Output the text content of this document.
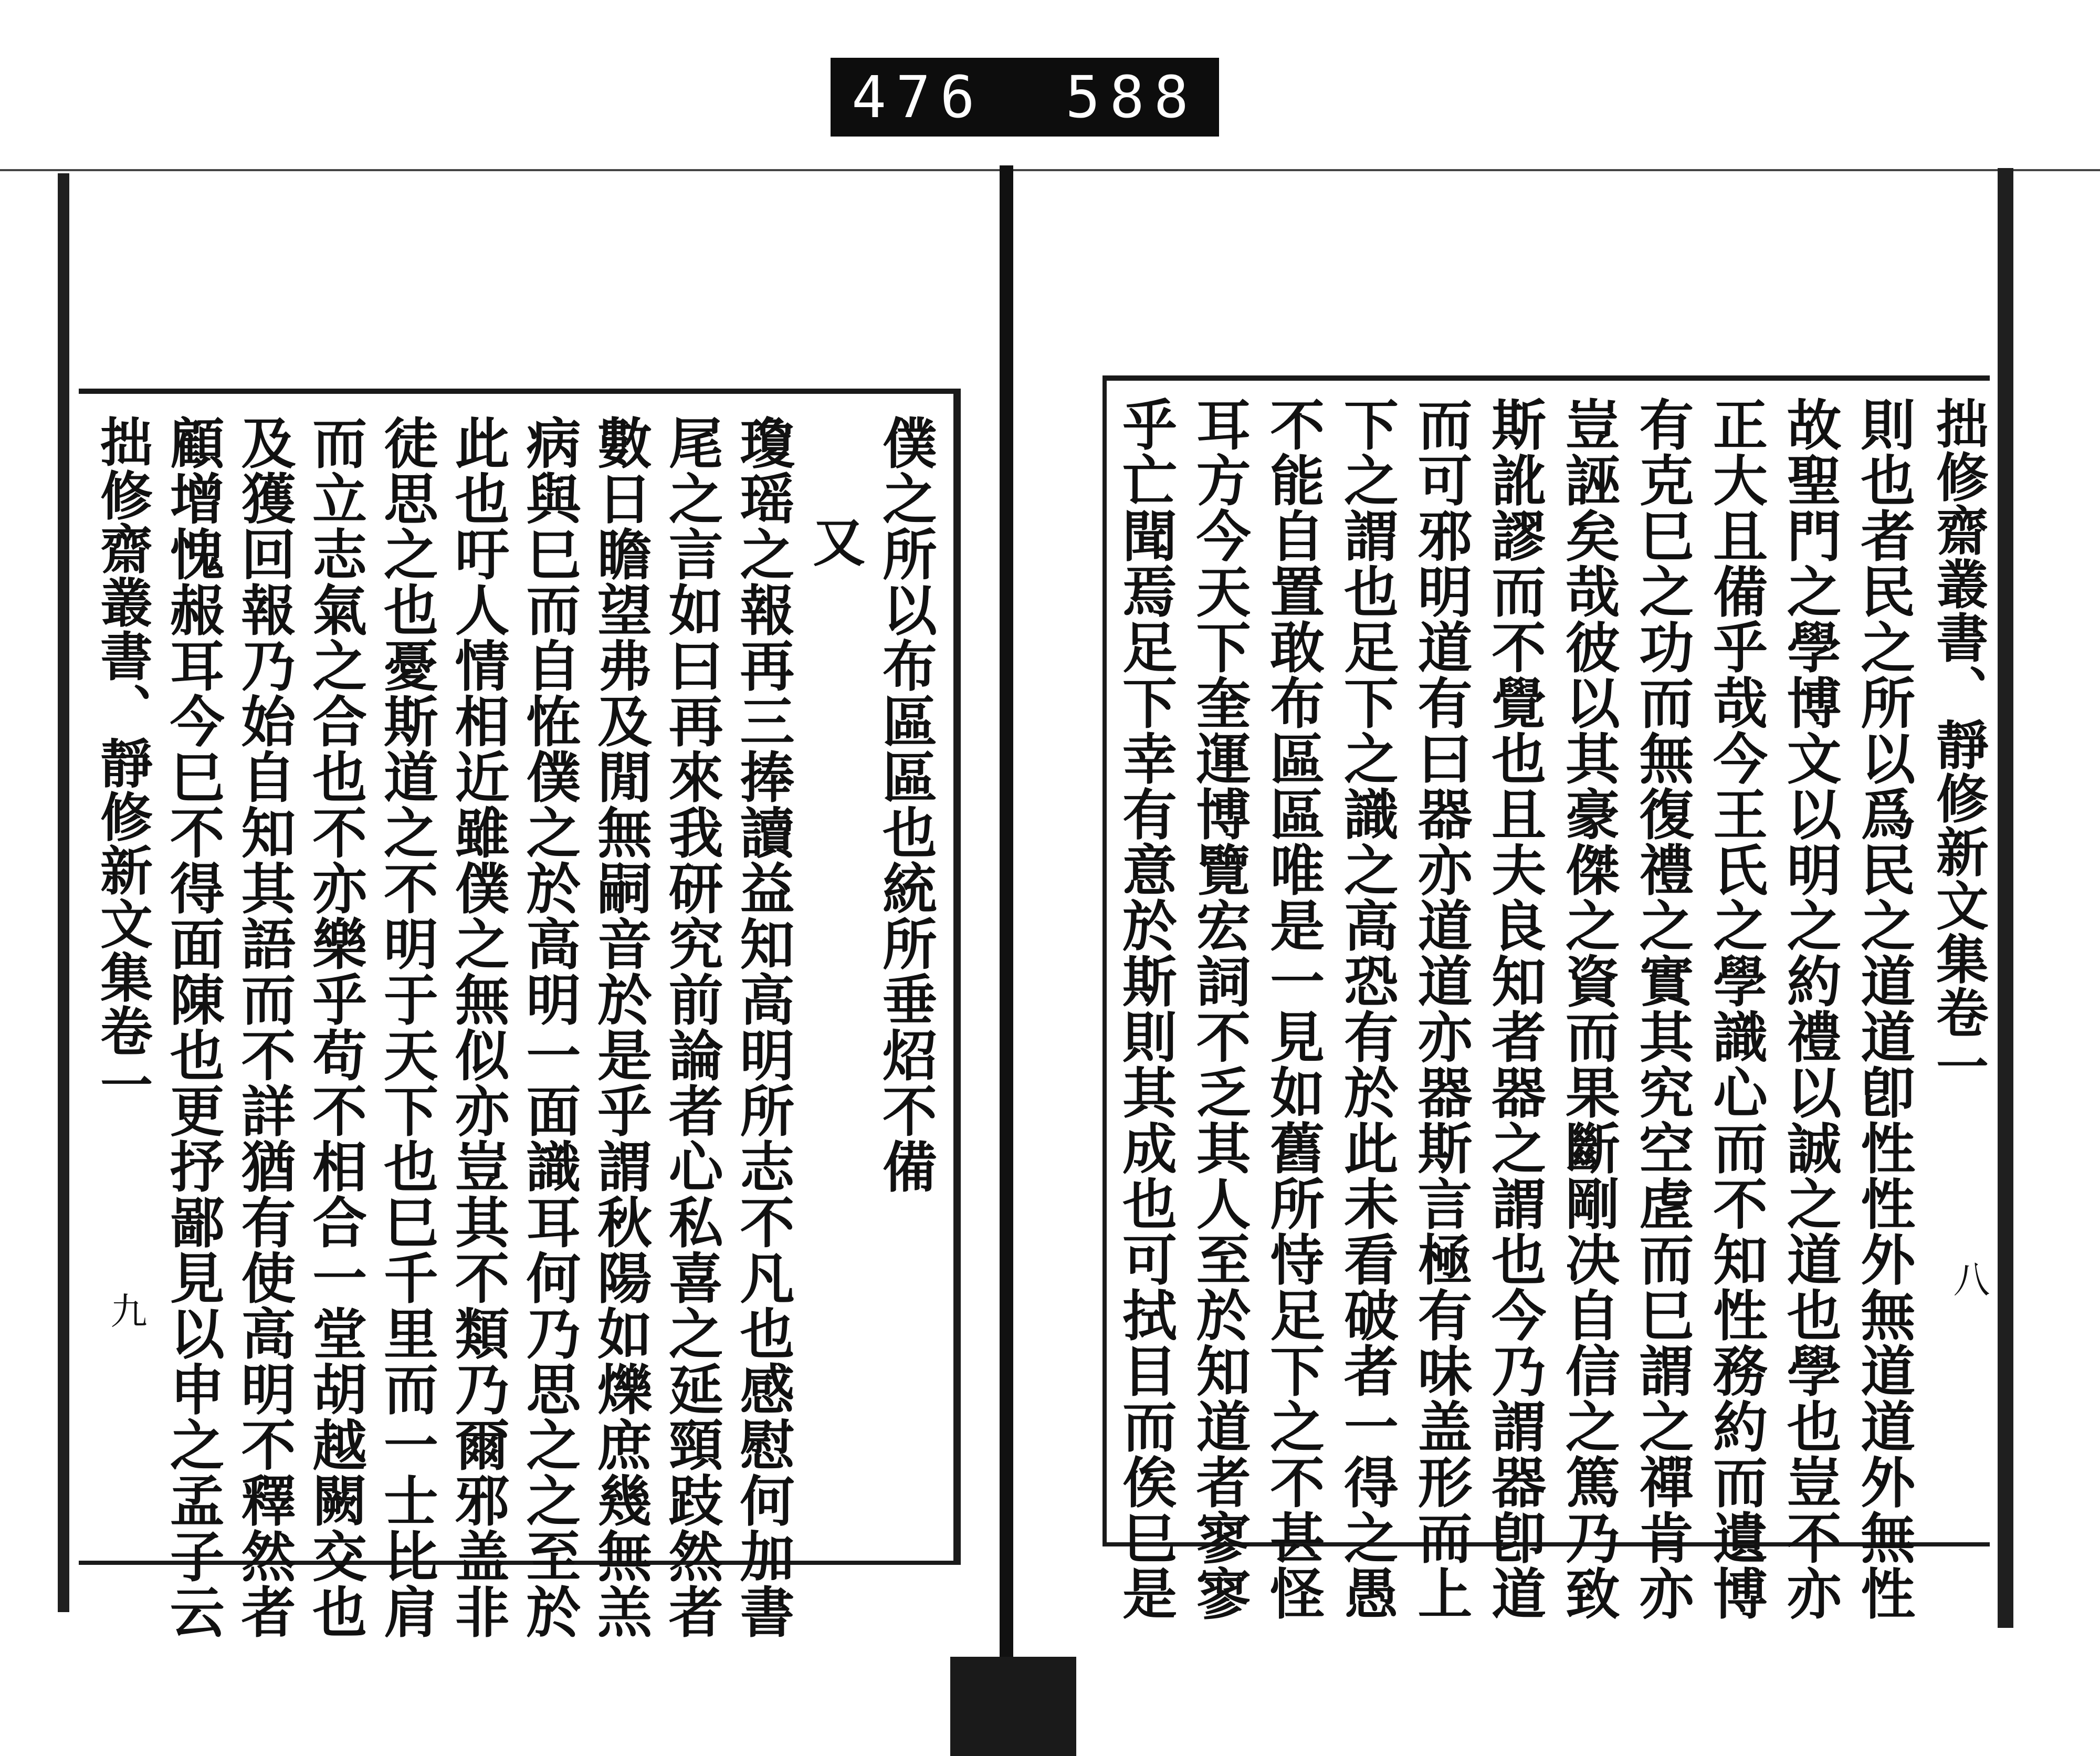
476 588
僕之所以布區區也統所垂炤不備
又
瓊瑶之報再三捧讀益知高明所志不凡也感慰何加書
尾之言如曰再來我研究前論者心私喜之延頸跂然者
數日瞻望弗及閒無嗣音於是乎謂秋陽如爍庶幾無羔
病與巳而自恠僕之於高明一面識耳何乃思之之至於
此也吁人情相近雖僕之無似亦豈其不類乃爾邪盖非
徒思之也憂斯道之不明于天下也巳千里而一士比肩
而立志氣之合也不亦樂乎苟不相合一堂胡越闕交也
及獲回報乃始自知其語而不詳猶有使高明不釋然者
顧增愧赧耳今巳不得面陳也更抒鄙見以申之孟子云
拙修齋叢書、靜修新文集卷一
九
拙修齋叢書、靜修新文集卷一
則也者民之所以爲民之道道卽性性外無道道外無性
故聖門之學博文以明之約禮以誠之道也學也豈不亦
正大且備乎哉今王氏之學識心而不知性務約而遺博
有克巳之功而無復禮之實其究空虗而巳謂之禪肯亦
豈誣矣哉彼以其豪傑之資而果斷剛决自信之篤乃致
斯訛謬而不覺也且夫良知者器之謂也今乃謂器卽道
而可邪明道有曰器亦道道亦器斯言極有味盖形而上
下之謂也足下之識之高恐有於此未看破者一得之愚
不能自置敢布區區唯是一見如舊所恃足下之不甚怪
耳方今天下奎運博覽宏詞不乏其人至於知道者寥寥
乎亡聞焉足下幸有意於斯則其成也可拭目而俟巳是	八
